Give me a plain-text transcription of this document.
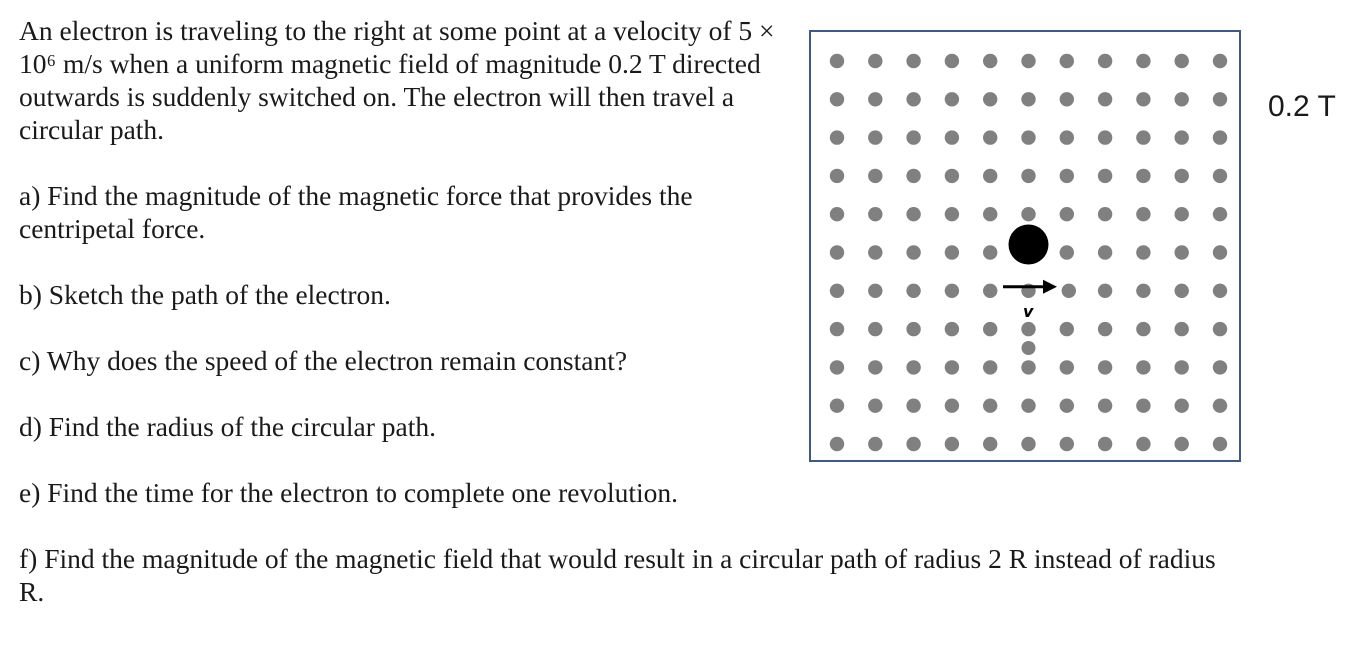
An electron is traveling to the right at some point at a velocity of 5 × 10⁶ m/s when a uniform magnetic field of magnitude 0.2 T directed outwards is suddenly switched on. The electron will then travel a circular path.

a) Find the magnitude of the magnetic force that provides the centripetal force.

b) Sketch the path of the electron.

c) Why does the speed of the electron remain constant?

d) Find the radius of the circular path.

e) Find the time for the electron to complete one revolution.

f) Find the magnitude of the magnetic field that would result in a circular path of radius 2 R instead of radius R.

v
0.2 T
